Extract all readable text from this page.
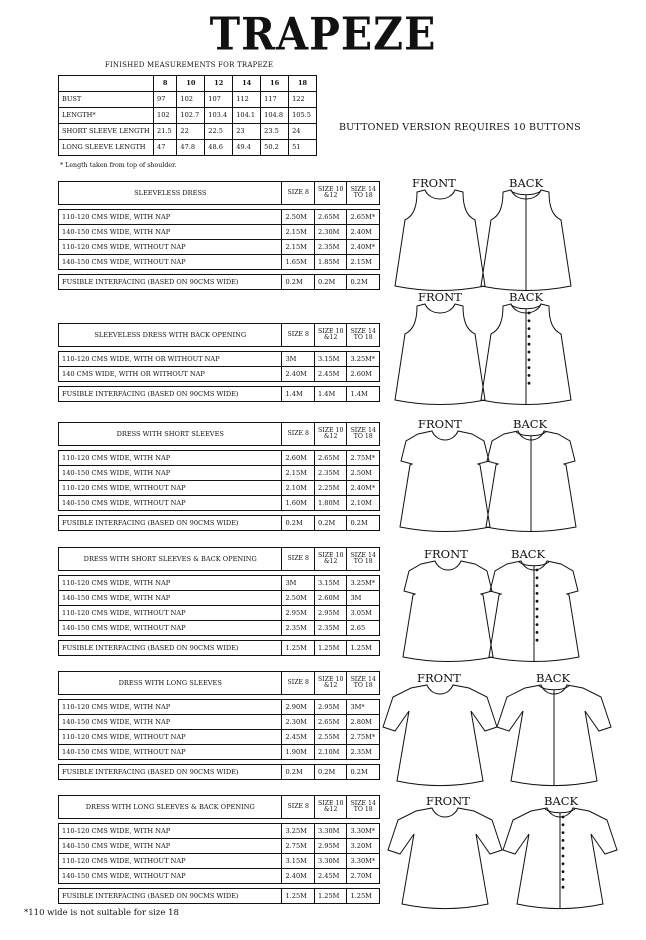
TRAPEZE
FINISHED MEASUREMENTS FOR TRAPEZE
	8	10	12	14	16	18
BUST	97	102	107	112	117	122
LENGTH*	102	102.7	103.4	104.1	104.8	105.5
SHORT SLEEVE LENGTH	21.5	22	22.5	23	23.5	24
LONG SLEEVE LENGTH	47	47.8	48.6	49.4	50.2	51
* Length taken from top of shoulder.
BUTTONED VERSION REQUIRES 10 BUTTONS
SLEEVELESS DRESS	SIZE 8	SIZE 10 &12	SIZE 14 TO 18

110-120 CMS WIDE, WITH NAP	2.50M	2.65M	2.65M*
140-150 CMS WIDE, WITH NAP	2.15M	2.30M	2.40M
110-120 CMS WIDE, WITHOUT NAP	2.15M	2.35M	2.40M*
140-150 CMS WIDE, WITHOUT NAP	1.65M	1.85M	2.15M

FUSIBLE INTERFACING (BASED ON 90CMS WIDE)	0.2M	0.2M	0.2M
SLEEVELESS DRESS WITH BACK OPENING	SIZE 8	SIZE 10 &12	SIZE 14 TO 18

110-120 CMS WIDE, WITH OR WITHOUT NAP	3M	3.15M	3.25M*
140 CMS WIDE, WITH OR WITHOUT NAP	2.40M	2.45M	2.60M

FUSIBLE INTERFACING (BASED ON 90CMS WIDE)	1.4M	1.4M	1.4M
DRESS WITH SHORT SLEEVES	SIZE 8	SIZE 10 &12	SIZE 14 TO 18

110-120 CMS WIDE, WITH NAP	2.60M	2.65M	2.75M*
140-150 CMS WIDE, WITH NAP	2.15M	2.35M	2.50M
110-120 CMS WIDE, WITHOUT NAP	2.10M	2.25M	2.40M*
140-150 CMS WIDE, WITHOUT NAP	1.60M	1.80M	2.10M

FUSIBLE INTERFACING (BASED ON 90CMS WIDE)	0.2M	0.2M	0.2M
DRESS WITH SHORT SLEEVES & BACK OPENING	SIZE 8	SIZE 10 &12	SIZE 14 TO 18

110-120 CMS WIDE, WITH NAP	3M	3.15M	3.25M*
140-150 CMS WIDE, WITH NAP	2.50M	2.60M	3M
110-120 CMS WIDE, WITHOUT NAP	2.95M	2.95M	3.05M
140-150 CMS WIDE, WITHOUT NAP	2.35M	2.35M	2.65

FUSIBLE INTERFACING (BASED ON 90CMS WIDE)	1.25M	1.25M	1.25M
DRESS WITH LONG SLEEVES	SIZE 8	SIZE 10 &12	SIZE 14 TO 18

110-120 CMS WIDE, WITH NAP	2.90M	2.95M	3M*
140-150 CMS WIDE, WITH NAP	2.30M	2.65M	2.80M
110-120 CMS WIDE, WITHOUT NAP	2.45M	2.55M	2.75M*
140-150 CMS WIDE, WITHOUT NAP	1.90M	2.10M	2.35M

FUSIBLE INTERFACING (BASED ON 90CMS WIDE)	0.2M	0.2M	0.2M
DRESS WITH LONG SLEEVES & BACK OPENING	SIZE 8	SIZE 10 &12	SIZE 14 TO 18

110-120 CMS WIDE, WITH NAP	3.25M	3.30M	3.30M*
140-150 CMS WIDE, WITH NAP	2.75M	2.95M	3.20M
110-120 CMS WIDE, WITHOUT NAP	3.15M	3.30M	3.30M*
140-150 CMS WIDE, WITHOUT NAP	2.40M	2.45M	2.70M

FUSIBLE INTERFACING (BASED ON 90CMS WIDE)	1.25M	1.25M	1.25M
FRONT	BACK
FRONT	BACK
FRONT	BACK
FRONT	BACK
FRONT	BACK
FRONT	BACK
*110 wide is not suitable for size 18
